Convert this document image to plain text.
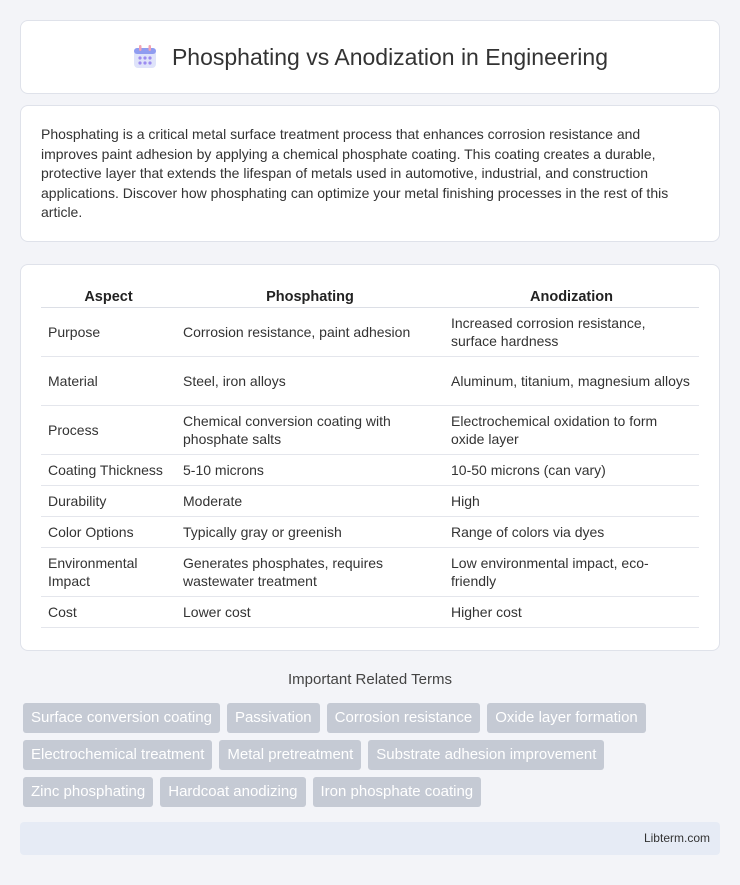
Phosphating vs Anodization in Engineering

Phosphating is a critical metal surface treatment process that enhances corrosion resistance and improves paint adhesion by applying a chemical phosphate coating. This coating creates a durable, protective layer that extends the lifespan of metals used in automotive, industrial, and construction applications. Discover how phosphating can optimize your metal finishing processes in the rest of this article.

Aspect	Phosphating	Anodization
Purpose	Corrosion resistance, paint adhesion	Increased corrosion resistance, surface hardness
Material	Steel, iron alloys	Aluminum, titanium, magnesium alloys
Process	Chemical conversion coating with phosphate salts	Electrochemical oxidation to form oxide layer
Coating Thickness	5-10 microns	10-50 microns (can vary)
Durability	Moderate	High
Color Options	Typically gray or greenish	Range of colors via dyes
Environmental Impact	Generates phosphates, requires wastewater treatment	Low environmental impact, eco-friendly
Cost	Lower cost	Higher cost
Important Related Terms
Surface conversion coating	Passivation	Corrosion resistance	Oxide layer formation
Electrochemical treatment	Metal pretreatment	Substrate adhesion improvement
Zinc phosphating	Hardcoat anodizing	Iron phosphate coating
Libterm.com
